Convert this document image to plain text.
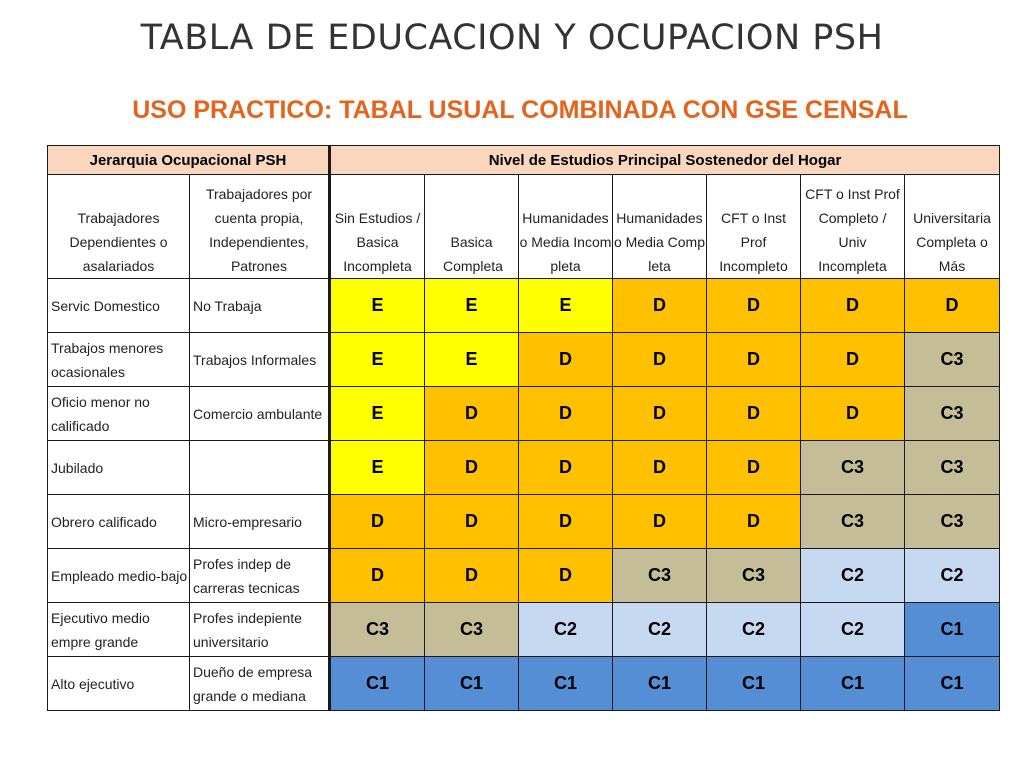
TABLA DE EDUCACION Y OCUPACION PSH
USO PRACTICO: TABAL USUAL COMBINADA CON GSE CENSAL
Jerarquia Ocupacional PSH		Nivel de Estudios Principal Sostenedor del Hogar						
Trabajadores Dependientes o asalariados	Trabajadores por cuenta propia, Independientes, Patrones	Sin Estudios / Basica Incompleta	Basica Completa	Humanidades o Media Incompleta	Humanidades o Media Completa	CFT o Inst Prof Incompleto	CFT o Inst Prof Completo / Univ Incompleta	Universitaria Completa o Más
Servic Domestico	No Trabaja	E	E	E	D	D	D	D
Trabajos menores ocasionales	Trabajos Informales	E	E	D	D	D	D	C3
Oficio menor no calificado	Comercio ambulante	E	D	D	D	D	D	C3
Jubilado		E	D	D	D	D	C3	C3
Obrero calificado	Micro-empresario	D	D	D	D	D	C3	C3
Empleado medio-bajo	Profes indep de carreras tecnicas	D	D	D	C3	C3	C2	C2
Ejecutivo medio empre grande	Profes indepiente universitario	C3	C3	C2	C2	C2	C2	C1
Alto ejecutivo	Dueño de empresa grande o mediana	C1	C1	C1	C1	C1	C1	C1
